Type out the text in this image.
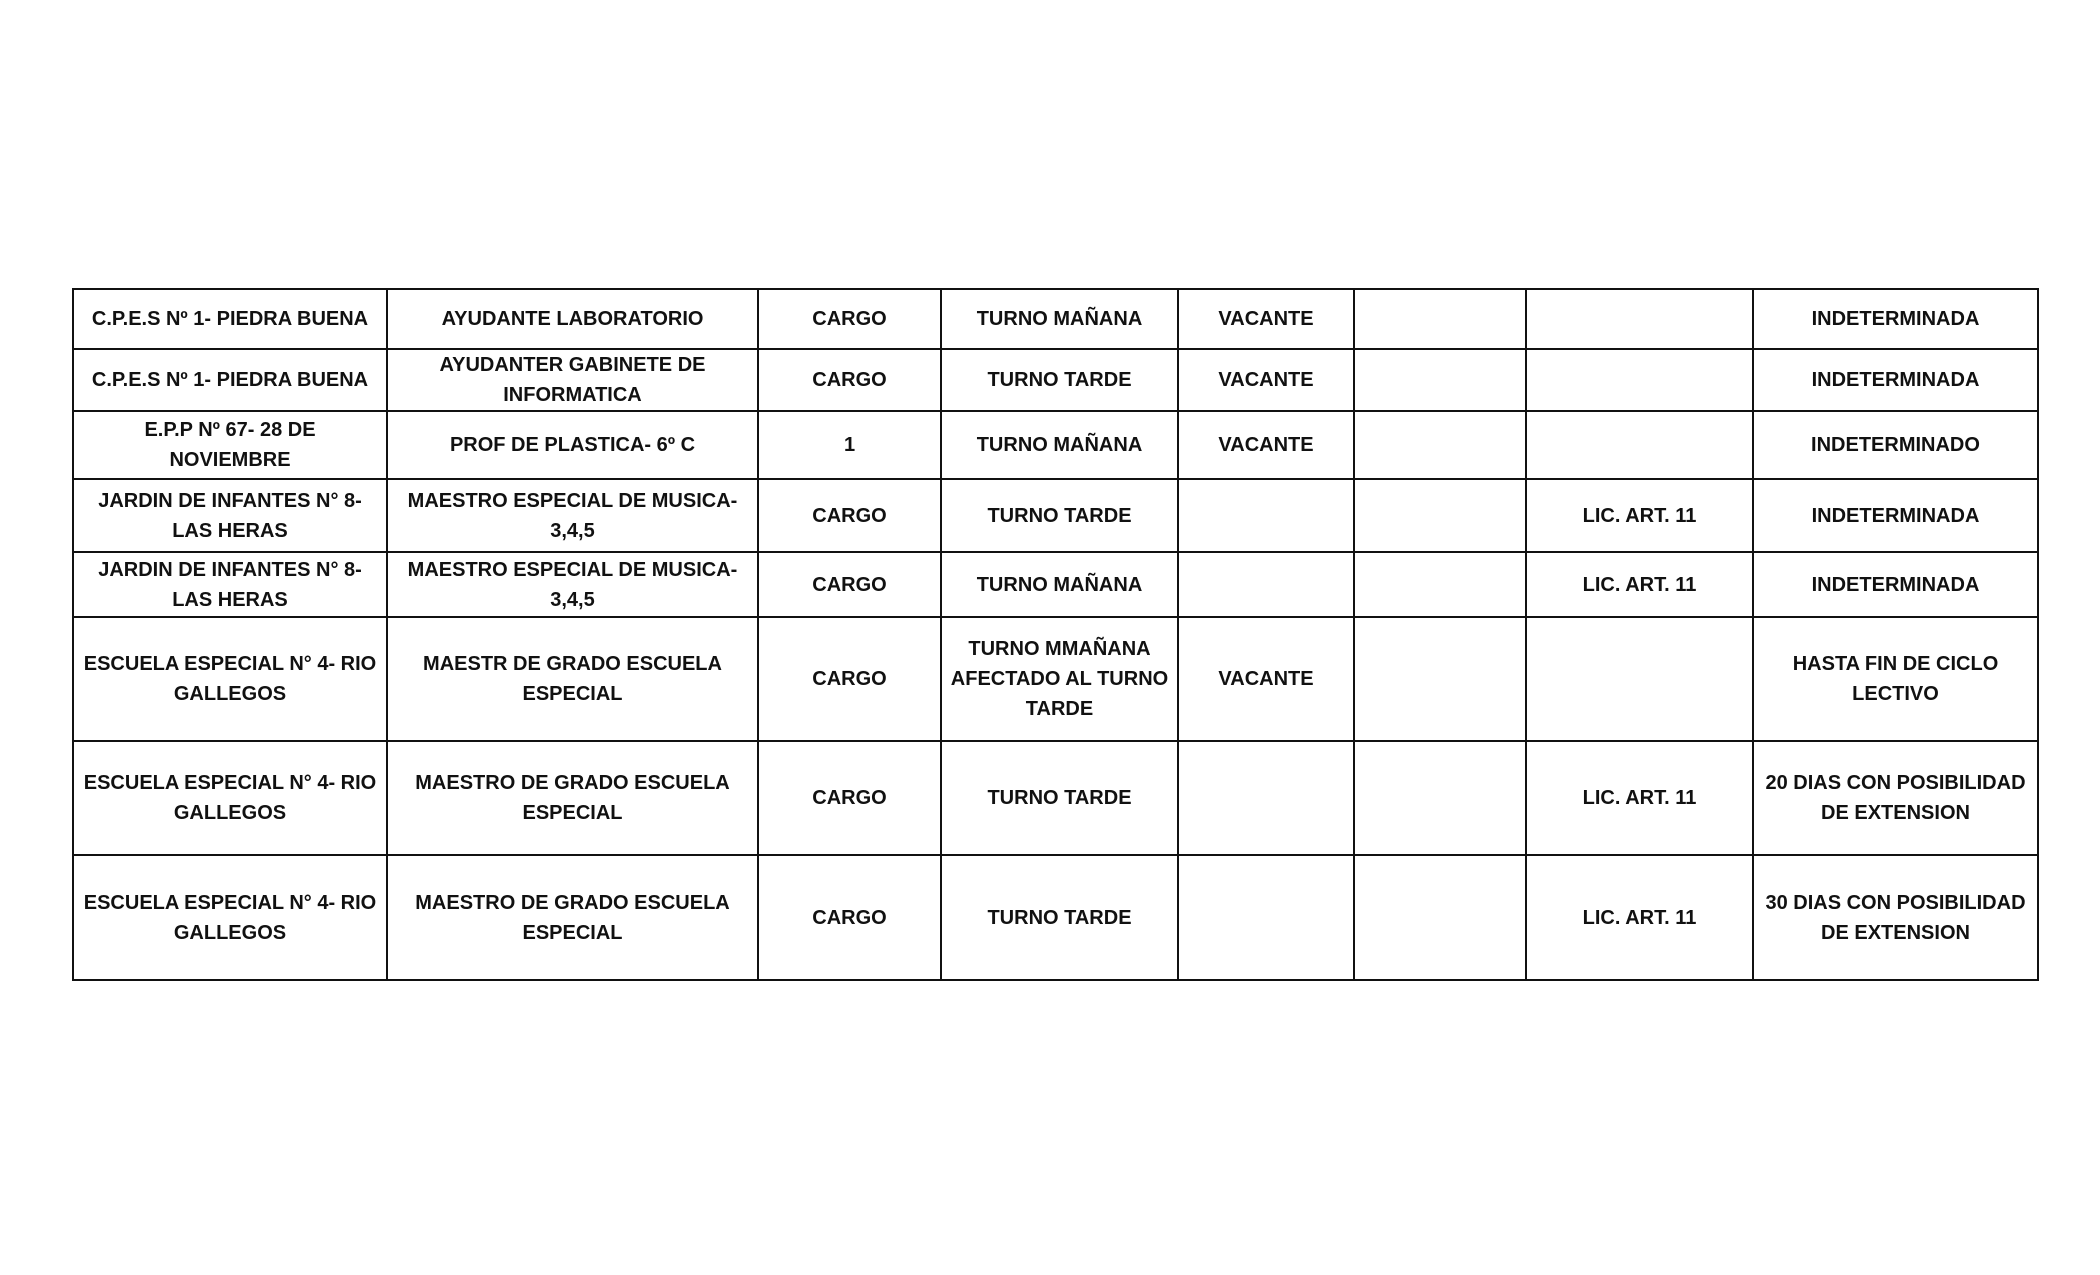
C.P.E.S Nº 1- PIEDRA BUENA	AYUDANTE LABORATORIO	CARGO	TURNO MAÑANA	VACANTE			INDETERMINADA
C.P.E.S Nº 1- PIEDRA BUENA	AYUDANTER GABINETE DE INFORMATICA	CARGO	TURNO TARDE	VACANTE			INDETERMINADA
E.P.P Nº 67- 28 DE NOVIEMBRE	PROF DE PLASTICA- 6º C	1	TURNO MAÑANA	VACANTE			INDETERMINADO
JARDIN DE INFANTES N° 8- LAS HERAS	MAESTRO ESPECIAL DE MUSICA- 3,4,5	CARGO	TURNO TARDE			LIC. ART. 11	INDETERMINADA
JARDIN DE INFANTES N° 8- LAS HERAS	MAESTRO ESPECIAL DE MUSICA- 3,4,5	CARGO	TURNO MAÑANA			LIC. ART. 11	INDETERMINADA
ESCUELA ESPECIAL N° 4- RIO GALLEGOS	MAESTR DE GRADO ESCUELA ESPECIAL	CARGO	TURNO MMAÑANA AFECTADO AL TURNO TARDE	VACANTE			HASTA FIN DE CICLO LECTIVO
ESCUELA ESPECIAL N° 4- RIO GALLEGOS	MAESTRO DE GRADO ESCUELA ESPECIAL	CARGO	TURNO TARDE			LIC. ART. 11	20 DIAS CON POSIBILIDAD DE EXTENSION
ESCUELA ESPECIAL N° 4- RIO GALLEGOS	MAESTRO DE GRADO ESCUELA ESPECIAL	CARGO	TURNO TARDE			LIC. ART. 11	30 DIAS CON POSIBILIDAD DE EXTENSION
